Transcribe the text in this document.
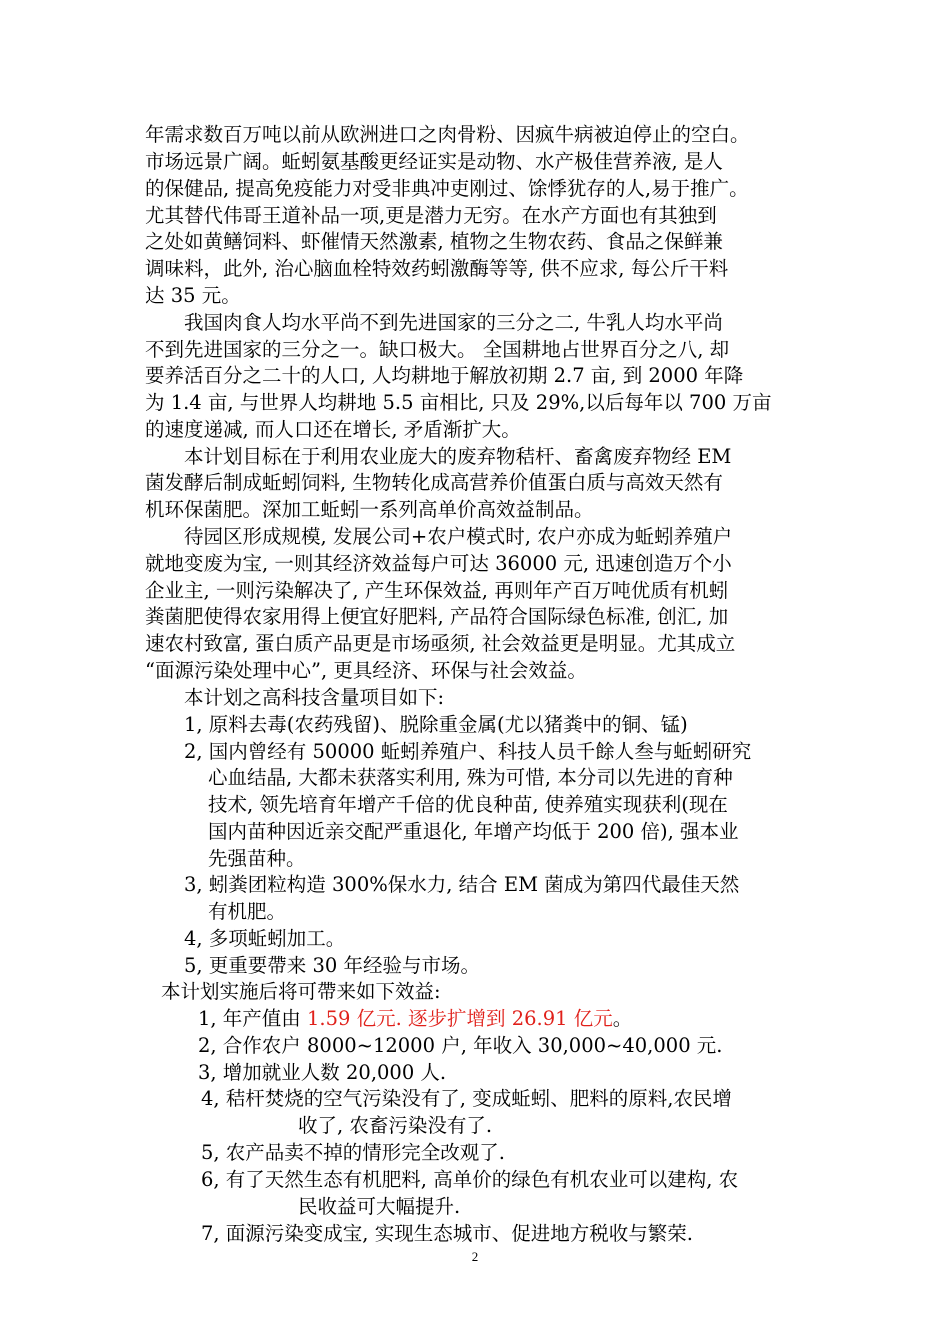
年需求数百万吨以前从欧洲进口之肉骨粉、因疯牛病被迫停止的空白。
市场远景广阔。蚯蚓氨基酸更经证实是动物、水产极佳营养液, 是人
的保健品, 提高免疫能力对受非典冲吏刚过、馀悸犹存的人,易于推广。
尤其替代伟哥王道补品一项,更是潜力无穷。在水产方面也有其独到
之处如黄鳝饲料、虾催情天然激素, 植物之生物农药、食品之保鲜兼
调味料，此外, 治心脑血栓特效药蚓激酶等等, 供不应求, 每公斤干料
达 35 元。
我国肉食人均水平尚不到先进国家的三分之二, 牛乳人均水平尚
不到先进国家的三分之一。缺口极大。 全国耕地占世界百分之八, 却
要养活百分之二十的人口, 人均耕地于解放初期 2.7 亩, 到 2000 年降
为 1.4 亩, 与世界人均耕地 5.5 亩相比, 只及 29%,以后每年以 700 万亩
的速度递减, 而人口还在增长, 矛盾渐扩大。
本计划目标在于利用农业庞大的废弃物秸杆、畜禽废弃物经 EM
菌发酵后制成蚯蚓饲料, 生物转化成高营养价值蛋白质与高效天然有
机环保菌肥。深加工蚯蚓一系列高单价高效益制品。
待园区形成规模, 发展公司+农户模式时, 农户亦成为蚯蚓养殖户
就地变废为宝, 一则其经济效益每户可达 36000 元, 迅速创造万个小
企业主, 一则污染解决了, 产生环保效益, 再则年产百万吨优质有机蚓
粪菌肥使得农家用得上便宜好肥料, 产品符合国际绿色标准, 创汇, 加
速农村致富, 蛋白质产品更是市场亟须, 社会效益更是明显。尤其成立
“面源污染处理中心”, 更具经济、环保与社会效益。
本计划之高科技含量项目如下:
1, 原料去毒(农药残留)、脱除重金属(尤以猪粪中的铜、锰)
2, 国内曾经有 50000 蚯蚓养殖户、科技人员千餘人叁与蚯蚓研究
心血结晶, 大都未获落实利用, 殊为可惜, 本分司以先进的育种
技术, 领先培育年增产千倍的优良种苗, 使养殖实现获利(现在
国内苗种因近亲交配严重退化, 年增产均低于 200 倍), 强本业
先强苗种。
3, 蚓粪团粒构造 300%保水力, 结合 EM 菌成为第四代最佳天然
有机肥。
4, 多项蚯蚓加工。
5, 更重要帶来 30 年经验与市场。
本计划实施后将可帶来如下效益:
1, 年产值由 1.59 亿元. 逐步扩增到 26.91 亿元。
2, 合作农户 8000~12000 户, 年收入 30,000~40,000 元.
3, 增加就业人数 20,000 人.
4, 秸杆焚烧的空气污染没有了, 变成蚯蚓、肥料的原料,农民增
收了, 农畜污染没有了.
5, 农产品卖不掉的情形完全改观了.
6, 有了天然生态有机肥料, 高单价的绿色有机农业可以建构, 农
民收益可大幅提升.
7, 面源污染变成宝, 实现生态城市、促进地方税收与繁荣.
2
